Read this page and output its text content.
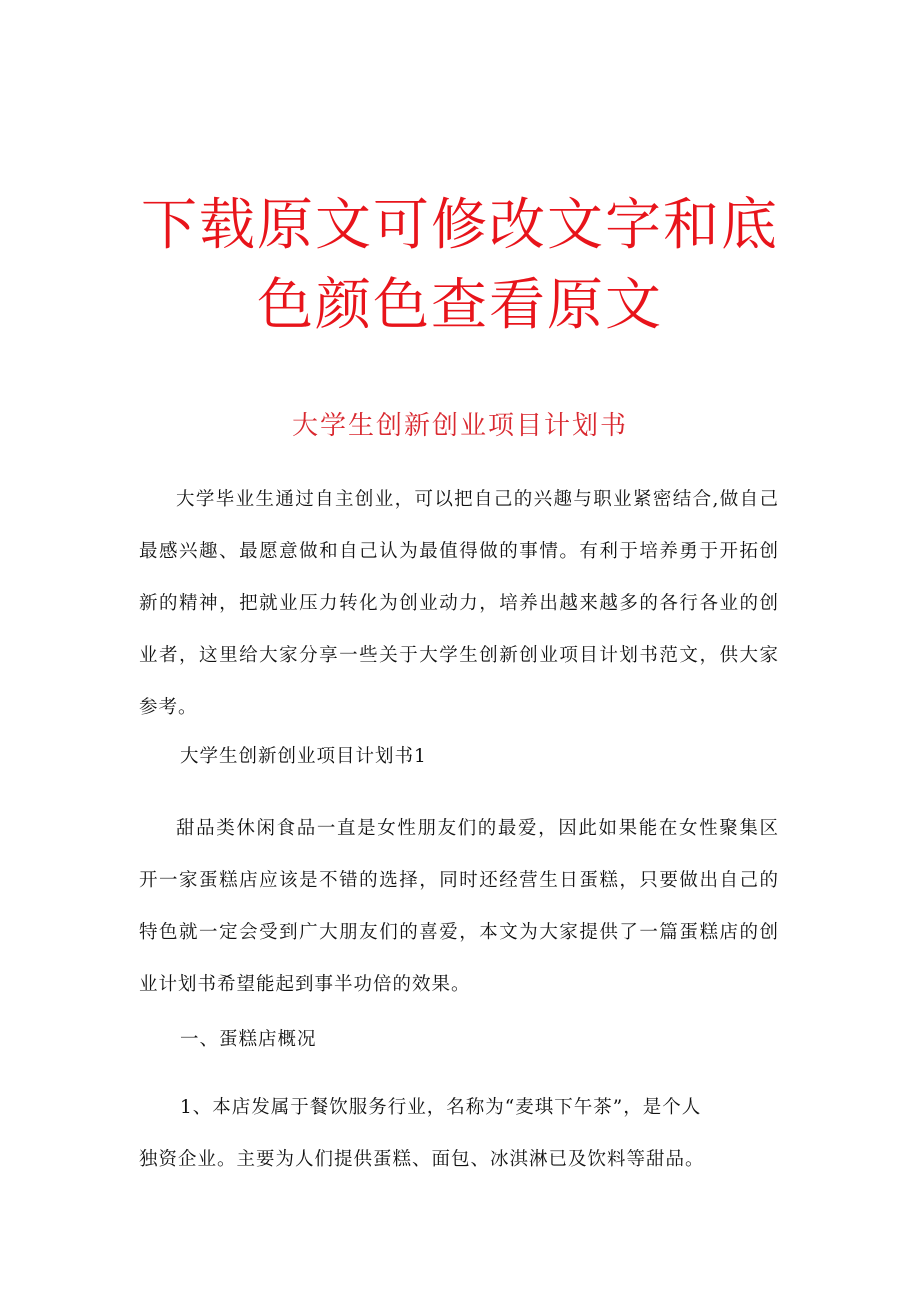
下载原文可修改文字和底
色颜色查看原文
大学生创新创业项目计划书

大学毕业生通过自主创业，可以把自己的兴趣与职业紧密结合,做自己最感兴趣、最愿意做和自己认为最值得做的事情。有利于培养勇于开拓创新的精神，把就业压力转化为创业动力，培养出越来越多的各行各业的创业者，这里给大家分享一些关于大学生创新创业项目计划书范文，供大家参考。

大学生创新创业项目计划书1

甜品类休闲食品一直是女性朋友们的最爱，因此如果能在女性聚集区开一家蛋糕店应该是不错的选择，同时还经营生日蛋糕，只要做出自己的特色就一定会受到广大朋友们的喜爱，本文为大家提供了一篇蛋糕店的创业计划书希望能起到事半功倍的效果。

一、蛋糕店概况
1、本店发属于餐饮服务行业，名称为“麦琪下午茶”，是个人
独资企业。主要为人们提供蛋糕、面包、冰淇淋已及饮料等甜品。
